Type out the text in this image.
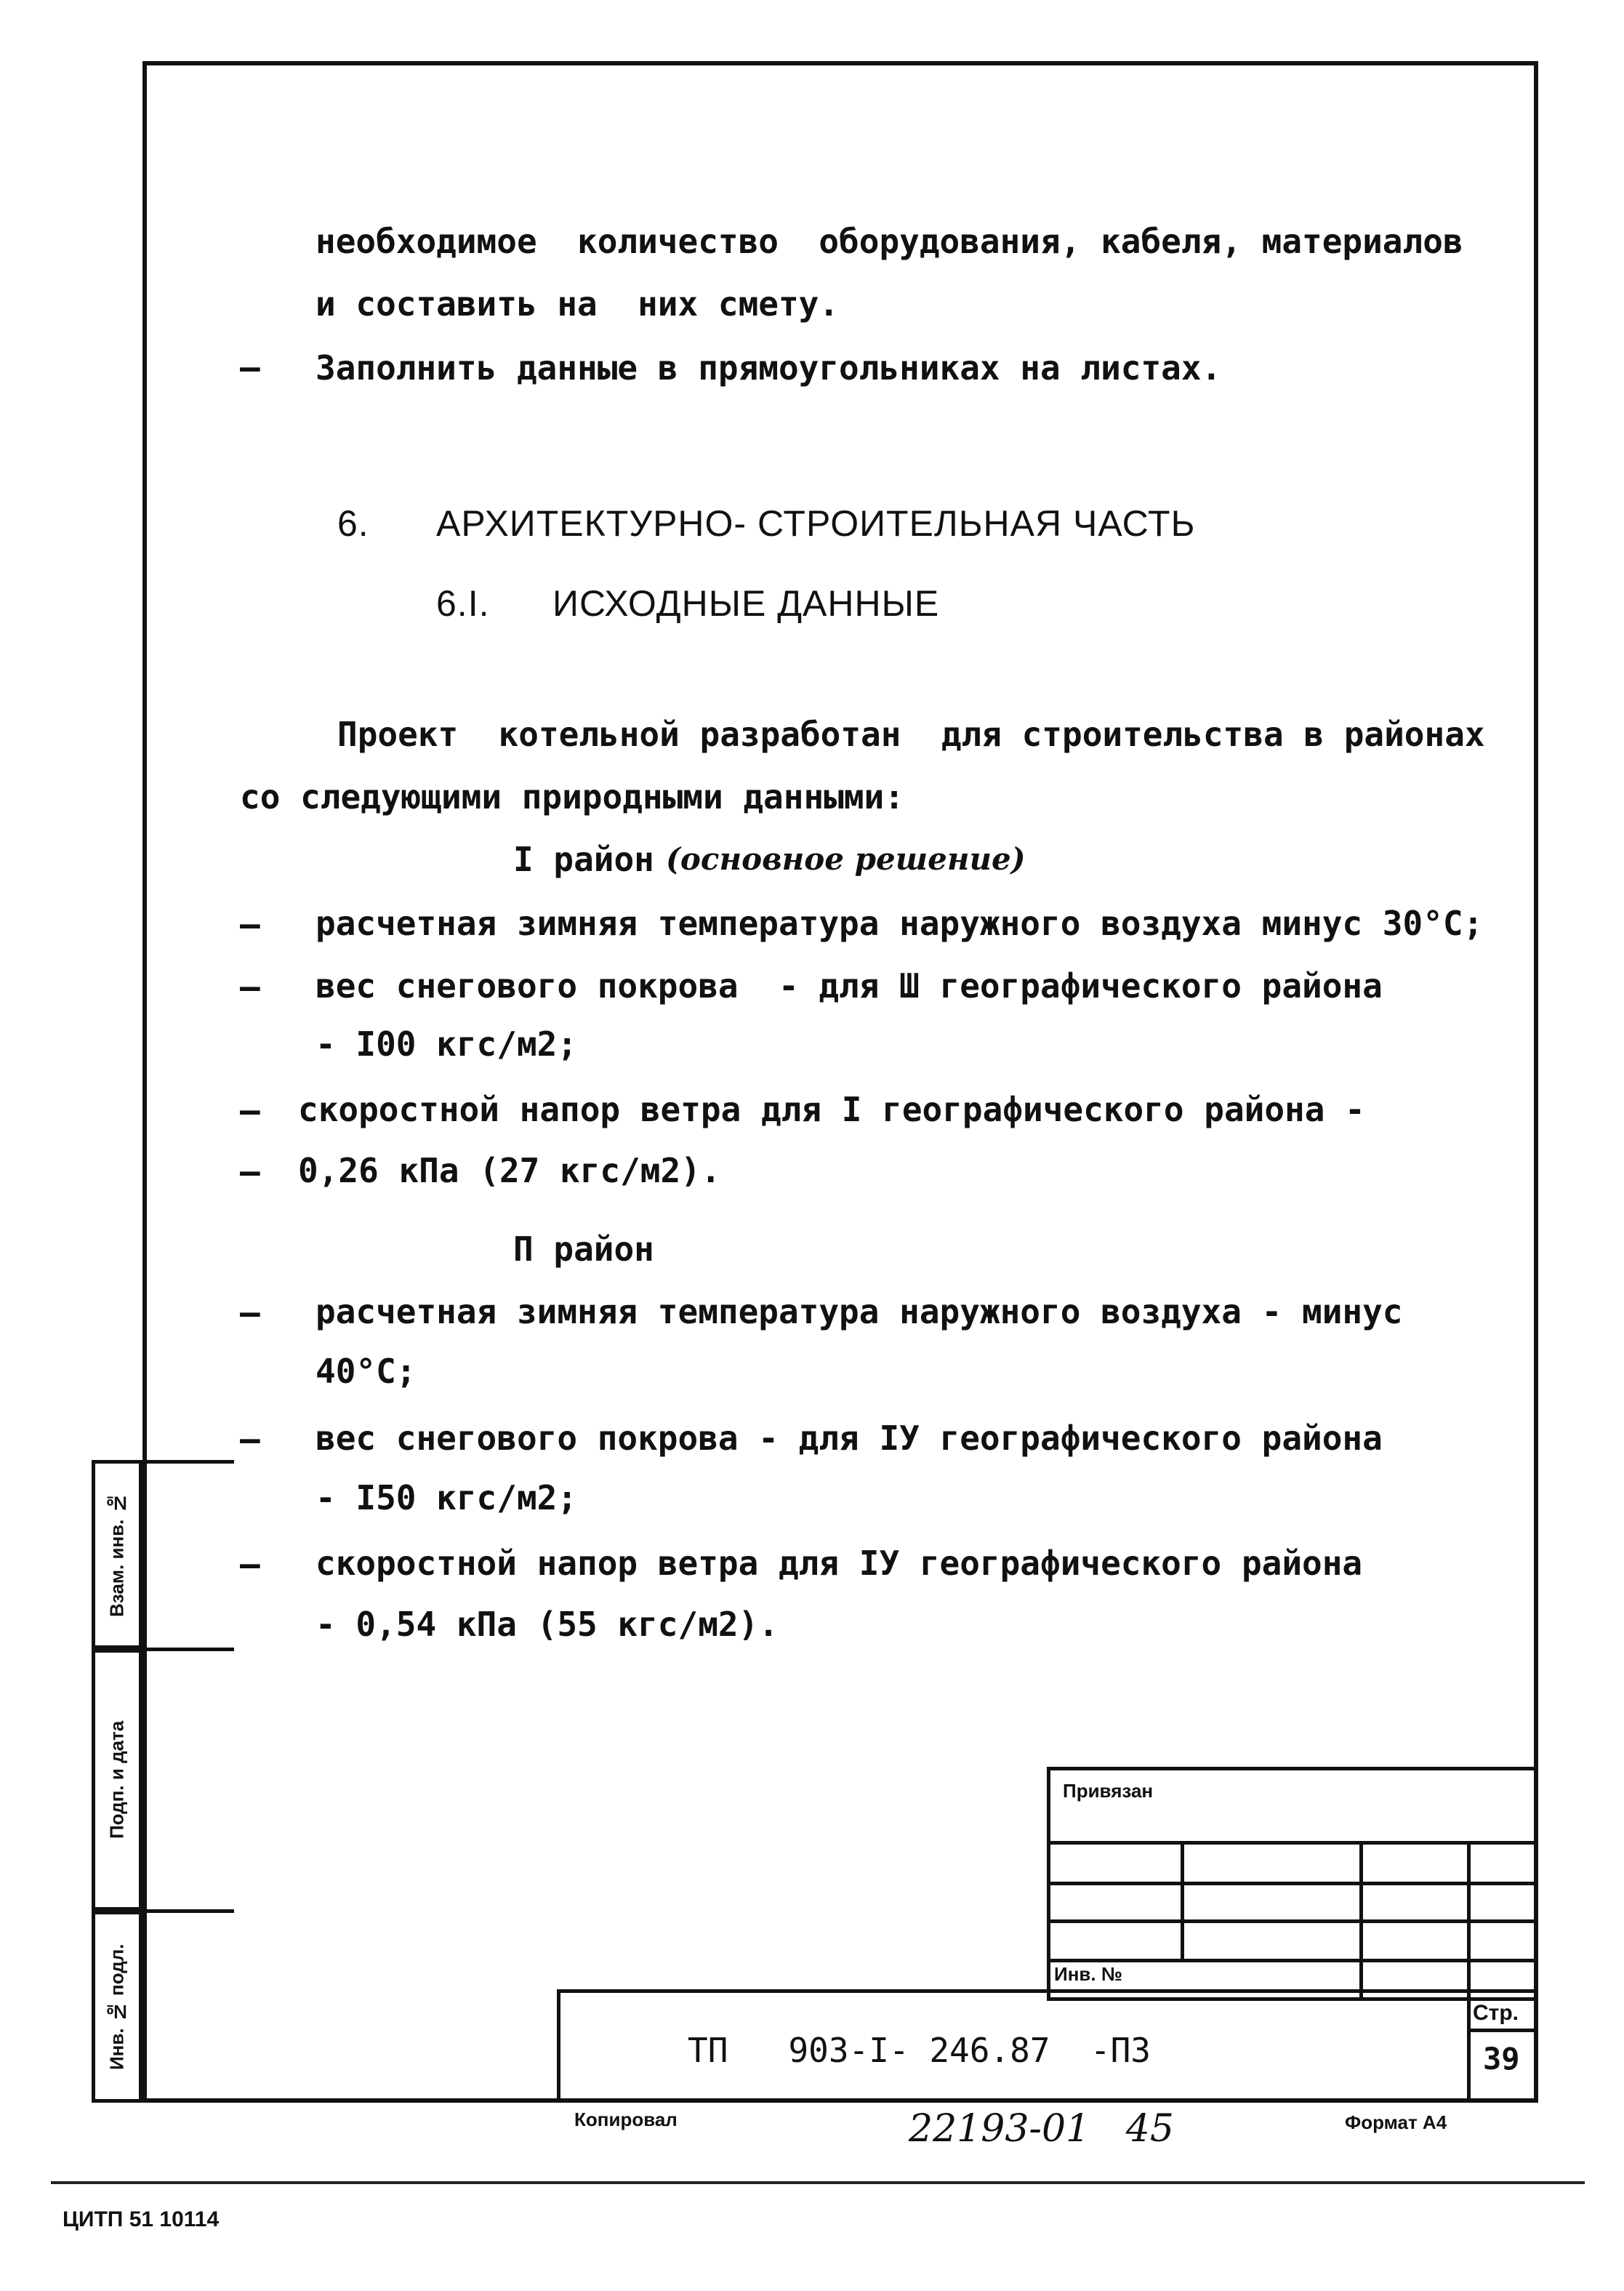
необходимое  количество  оборудования, кабеля, материалов
и составить на  них смету.
– Заполнить данные в прямоугольниках на листах.
6. АРХИТЕКТУРНО- СТРОИТЕЛЬНАЯ ЧАСТЬ
6.I. ИСХОДНЫЕ ДАННЫЕ
Проект  котельной разработан  для строительства в районах
со следующими природными данными:
I район (основное решение)
– расчетная зимняя температура наружного воздуха минус 30°С;
– вес снегового покрова  - для Ш географического района
- I00 кгс/м2;
– скоростной напор ветра для I географического района -
– 0,26 кПа (27 кгс/м2).
П район
– расчетная зимняя температура наружного воздуха - минус
40°С;
– вес снегового покрова - для IУ географического района
- I50 кгс/м2;
– скоростной напор ветра для IУ географического района
- 0,54 кПа (55 кгс/м2).
Взам. инв. №
Подп. и дата
Инв. № подл.
Привязан
Инв. №
ТП   903-I- 246.87  -ПЗ
Стр.
39
Копировал	22193-01   45	Формат А4
ЦИТП 51 10114
